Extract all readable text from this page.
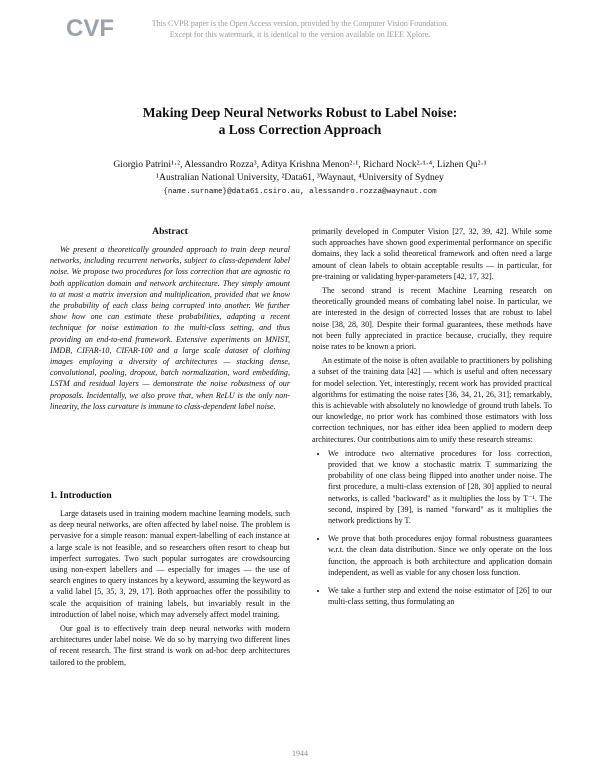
CVF	This CVPR paper is the Open Access version, provided by the Computer Vision Foundation.
Except for this watermark, it is identical to the version available on IEEE Xplore.
Making Deep Neural Networks Robust to Label Noise:
a Loss Correction Approach
Giorgio Patrini¹·², Alessandro Rozza³, Aditya Krishna Menon²·¹, Richard Nock²·¹·⁴, Lizhen Qu²·¹
¹Australian National University, ²Data61, ³Waynaut, ⁴University of Sydney
{name.surname}@data61.csiro.au, alessandro.rozza@waynaut.com
Abstract

We present a theoretically grounded approach to train deep neural networks, including recurrent networks, subject to class-dependent label noise. We propose two procedures for loss correction that are agnostic to both application domain and network architecture. They simply amount to at most a matrix inversion and multiplication, provided that we know the probability of each class being corrupted into another. We further show how one can estimate these probabilities, adapting a recent technique for noise estimation to the multi-class setting, and thus providing an end-to-end framework. Extensive experiments on MNIST, IMDB, CIFAR-10, CIFAR-100 and a large scale dataset of clothing images employing a diversity of architectures — stacking dense, convolutional, pooling, dropout, batch normalization, word embedding, LSTM and residual layers — demonstrate the noise robustness of our proposals. Incidentally, we also prove that, when ReLU is the only non-linearity, the loss curvature is immune to class-dependent label noise.

1. Introduction

Large datasets used in training modern machine learning models, such as deep neural networks, are often affected by label noise. The problem is pervasive for a simple reason: manual expert-labelling of each instance at a large scale is not feasible, and so researchers often resort to cheap but imperfect surrogates. Two such popular surrogates are crowdsourcing using non-expert labellers and — especially for images — the use of search engines to query instances by a keyword, assuming the keyword as a valid label [5, 35, 3, 29, 17]. Both approaches offer the possibility to scale the acquisition of training labels, but invariably result in the introduction of label noise, which may adversely affect model training.

Our goal is to effectively train deep neural networks with modern architectures under label noise. We do so by marrying two different lines of recent research. The first strand is work on ad-hoc deep architectures tailored to the problem,

primarily developed in Computer Vision [27, 32, 39, 42]. While some such approaches have shown good experimental performance on specific domains, they lack a solid theoretical framework and often need a large amount of clean labels to obtain acceptable results — in particular, for pre-training or validating hyper-parameters [42, 17, 32].

The second strand is recent Machine Learning research on theoretically grounded means of combating label noise. In particular, we are interested in the design of corrected losses that are robust to label noise [38, 28, 30]. Despite their formal guarantees, these methods have not been fully appreciated in practice because, crucially, they require noise rates to be known a priori.

An estimate of the noise is often available to practitioners by polishing a subset of the training data [42] — which is useful and often necessary for model selection. Yet, interestingly, recent work has provided practical algorithms for estimating the noise rates [36, 34, 21, 26, 31]; remarkably, this is achievable with absolutely no knowledge of ground truth labels. To our knowledge, no prior work has combined those estimators with loss correction techniques, nor has either idea been applied to modern deep architectures. Our contributions aim to unify these research streams:

• We introduce two alternative procedures for loss correction, provided that we know a stochastic matrix T summarizing the probability of one class being flipped into another under noise. The first procedure, a multi-class extension of [28, 30] applied to neural networks, is called "backward" as it multiplies the loss by T⁻¹. The second, inspired by [39], is named "forward" as it multiplies the network predictions by T.
• We prove that both procedures enjoy formal robustness guarantees w.r.t. the clean data distribution. Since we only operate on the loss function, the approach is both architecture and application domain independent, as well as viable for any chosen loss function.
• We take a further step and extend the noise estimator of [26] to our multi-class setting, thus formulating an
1944
